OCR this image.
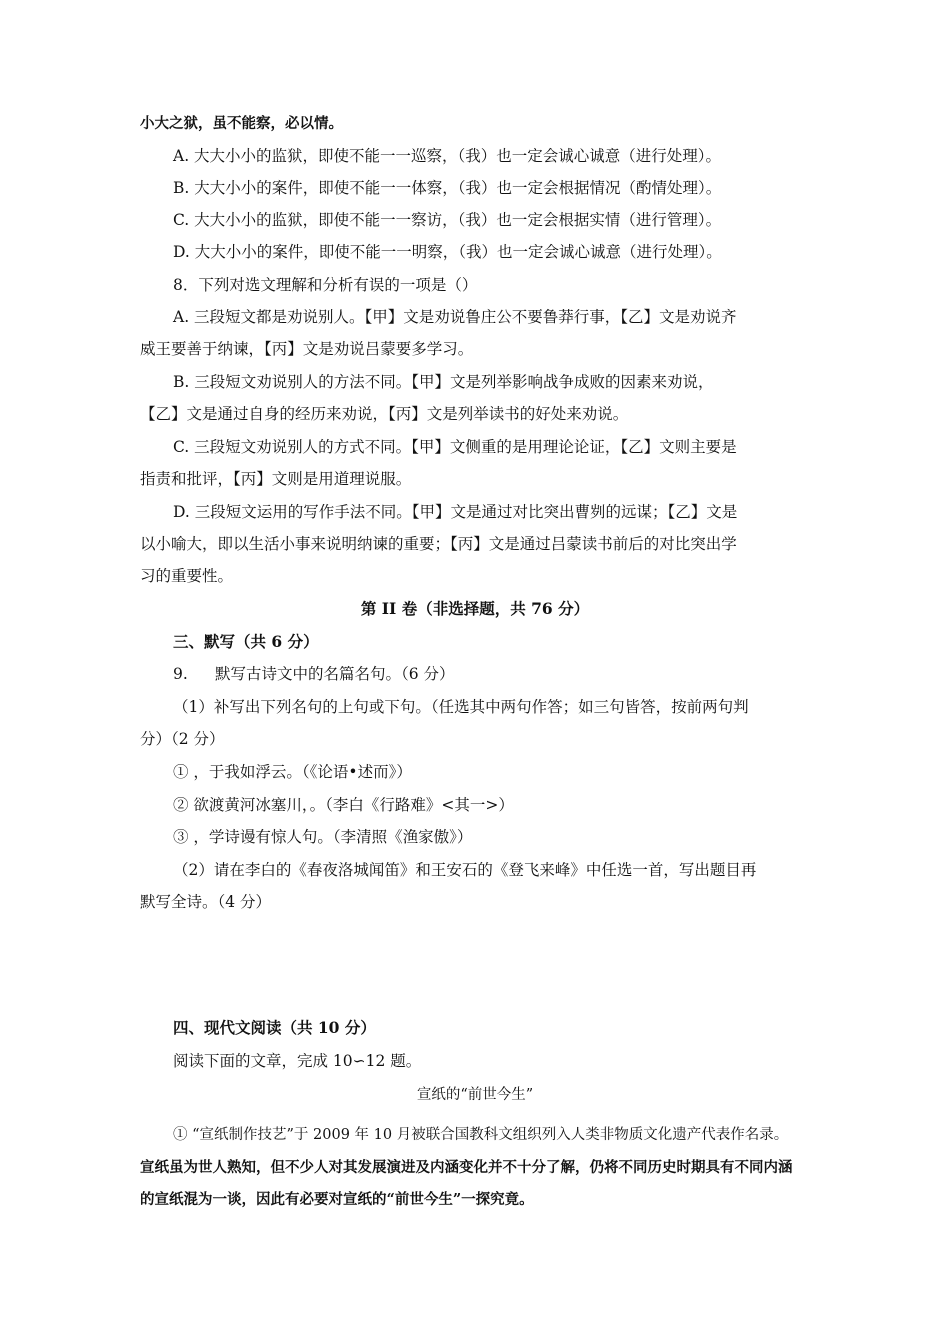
小大之狱，虽不能察，必以情。
A. 大大小小的监狱，即使不能一一巡察，（我）也一定会诚心诚意（进行处理）。
B. 大大小小的案件，即使不能一一体察，（我）也一定会根据情况（酌情处理）。
C. 大大小小的监狱，即使不能一一察访，（我）也一定会根据实情（进行管理）。
D. 大大小小的案件，即使不能一一明察，（我）也一定会诚心诚意（进行处理）。
8．下列对选文理解和分析有误的一项是（）
A. 三段短文都是劝说别人。【甲】文是劝说鲁庄公不要鲁莽行事，【乙】文是劝说齐
威王要善于纳谏，【丙】文是劝说吕蒙要多学习。
B. 三段短文劝说别人的方法不同。【甲】文是列举影响战争成败的因素来劝说，
【乙】文是通过自身的经历来劝说，【丙】文是列举读书的好处来劝说。
C. 三段短文劝说别人的方式不同。【甲】文侧重的是用理论论证，【乙】文则主要是
指责和批评，【丙】文则是用道理说服。
D. 三段短文运用的写作手法不同。【甲】文是通过对比突出曹刿的远谋；【乙】文是
以小喻大，即以生活小事来说明纳谏的重要；【丙】文是通过吕蒙读书前后的对比突出学
习的重要性。
第 II 卷（非选择题，共 76 分）
三、默写（共 6 分）
9. 默写古诗文中的名篇名句。（6 分）
（1）补写出下列名句的上句或下句。（任选其中两句作答；如三句皆答，按前两句判
分）（2 分）
① ，于我如浮云。（《论语•述而》）
② 欲渡黄河冰塞川，。（李白《行路难》<其一>）
③ ，学诗谩有惊人句。（李清照《渔家傲》）
（2）请在李白的《春夜洛城闻笛》和王安石的《登飞来峰》中任选一首，写出题目再
默写全诗。（4 分）
四、现代文阅读（共 10 分）
阅读下面的文章，完成 10∽12 题。
宣纸的“前世今生”
① “宣纸制作技艺”于 2009 年 10 月被联合国教科文组织列入人类非物质文化遗产代表作名录。
宣纸虽为世人熟知，但不少人对其发展演进及内涵变化并不十分了解，仍将不同历史时期具有不同内涵
的宣纸混为一谈，因此有必要对宣纸的“前世今生”一探究竟。
